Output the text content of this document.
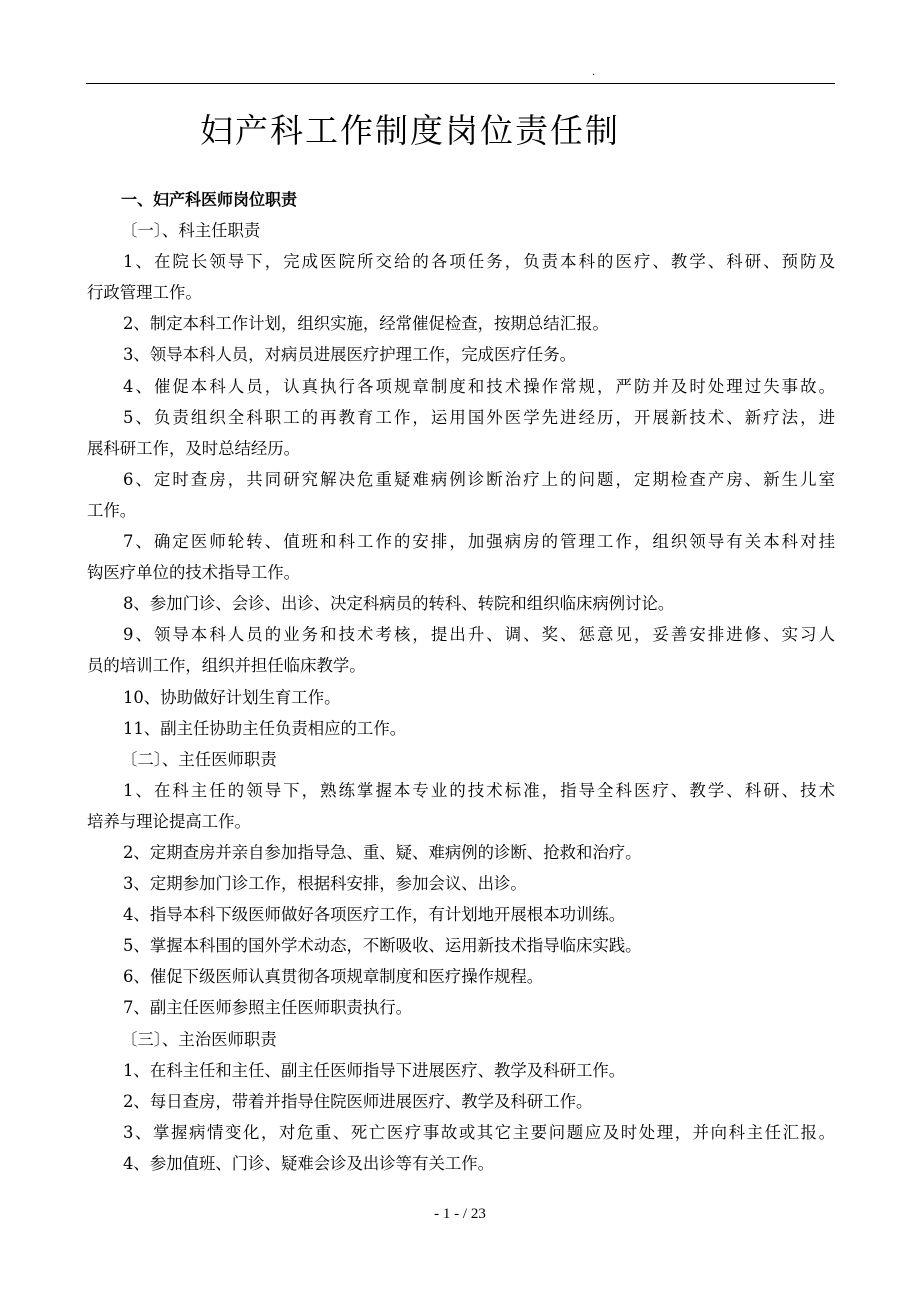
.
妇产科工作制度岗位责任制
一、妇产科医师岗位职责
〔一〕、科主任职责
1、在院长领导下，完成医院所交给的各项任务，负责本科的医疗、教学、科研、预防及
行政管理工作。
2、制定本科工作计划，组织实施，经常催促检查，按期总结汇报。
3、领导本科人员，对病员进展医疗护理工作，完成医疗任务。
4、催促本科人员，认真执行各项规章制度和技术操作常规，严防并及时处理过失事故。
5、负责组织全科职工的再教育工作，运用国外医学先进经历，开展新技术、新疗法，进
展科研工作，及时总结经历。
6、定时查房，共同研究解决危重疑难病例诊断治疗上的问题，定期检查产房、新生儿室
工作。
7、确定医师轮转、值班和科工作的安排，加强病房的管理工作，组织领导有关本科对挂
钩医疗单位的技术指导工作。
8、参加门诊、会诊、出诊、决定科病员的转科、转院和组织临床病例讨论。
9、领导本科人员的业务和技术考核，提出升、调、奖、惩意见，妥善安排进修、实习人
员的培训工作，组织并担任临床教学。
10、协助做好计划生育工作。
11、副主任协助主任负责相应的工作。
〔二〕、主任医师职责
1、在科主任的领导下，熟练掌握本专业的技术标准，指导全科医疗、教学、科研、技术
培养与理论提高工作。
2、定期查房并亲自参加指导急、重、疑、难病例的诊断、抢救和治疗。
3、定期参加门诊工作，根据科安排，参加会议、出诊。
4、指导本科下级医师做好各项医疗工作，有计划地开展根本功训练。
5、掌握本科围的国外学术动态，不断吸收、运用新技术指导临床实践。
6、催促下级医师认真贯彻各项规章制度和医疗操作规程。
7、副主任医师参照主任医师职责执行。
〔三〕、主治医师职责
1、在科主任和主任、副主任医师指导下进展医疗、教学及科研工作。
2、每日查房，带着并指导住院医师进展医疗、教学及科研工作。
3、掌握病情变化，对危重、死亡医疗事故或其它主要问题应及时处理，并向科主任汇报。
4、参加值班、门诊、疑难会诊及出诊等有关工作。
- 1 - / 23
